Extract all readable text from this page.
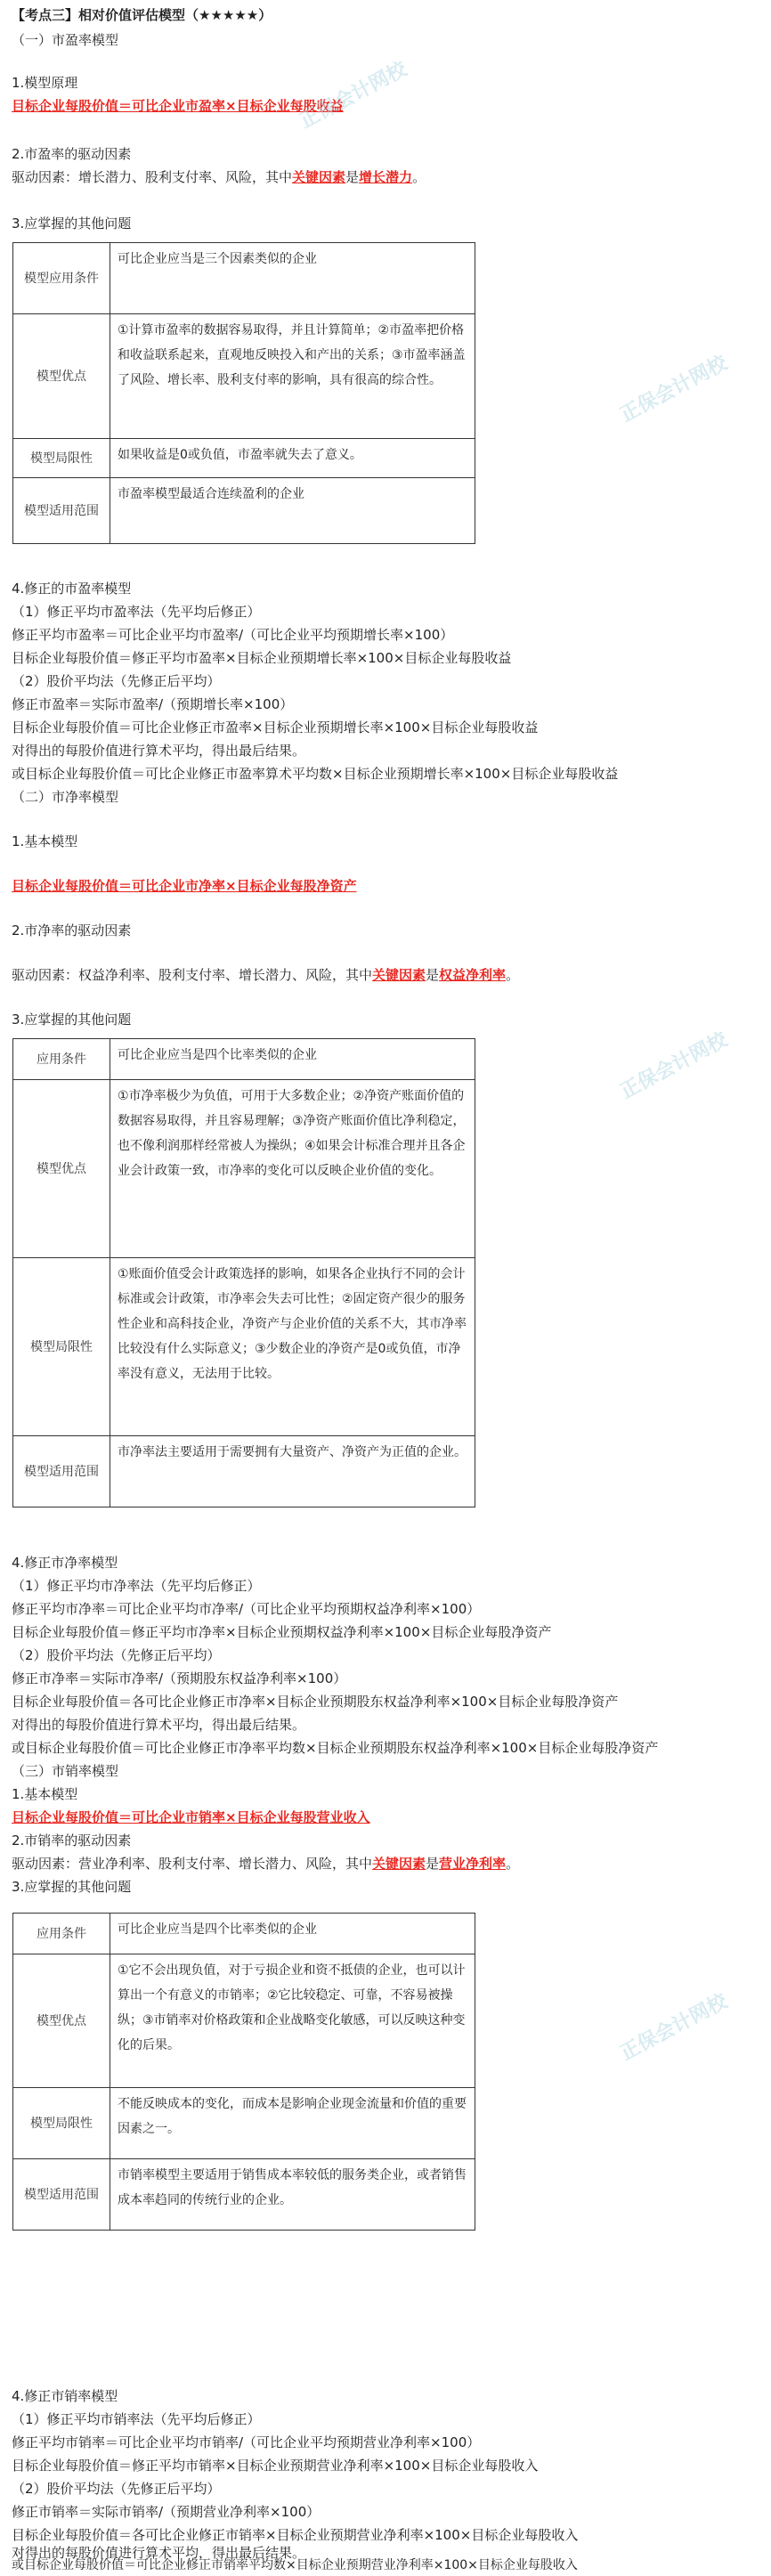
【考点三】相对价值评估模型（★★★★★）
（一）市盈率模型
1.模型原理
目标企业每股价值＝可比企业市盈率×目标企业每股收益
2.市盈率的驱动因素
驱动因素：增长潜力、股利支付率、风险，其中关键因素是增长潜力。
3.应掌握的其他问题
模型应用条件	可比企业应当是三个因素类似的企业
模型优点	①计算市盈率的数据容易取得，并且计算简单；②市盈率把价格和收益联系起来，直观地反映投入和产出的关系；③市盈率涵盖了风险、增长率、股利支付率的影响，具有很高的综合性。
模型局限性	如果收益是0或负值，市盈率就失去了意义。
模型适用范围	市盈率模型最适合连续盈利的企业
4.修正的市盈率模型
（1）修正平均市盈率法（先平均后修正）
修正平均市盈率＝可比企业平均市盈率/（可比企业平均预期增长率×100）
目标企业每股价值＝修正平均市盈率×目标企业预期增长率×100×目标企业每股收益
（2）股价平均法（先修正后平均）
修正市盈率＝实际市盈率/（预期增长率×100）
目标企业每股价值＝可比企业修正市盈率×目标企业预期增长率×100×目标企业每股收益
对得出的每股价值进行算术平均，得出最后结果。
或目标企业每股价值＝可比企业修正市盈率算术平均数×目标企业预期增长率×100×目标企业每股收益
（二）市净率模型
1.基本模型
目标企业每股价值＝可比企业市净率×目标企业每股净资产
2.市净率的驱动因素
驱动因素：权益净利率、股利支付率、增长潜力、风险，其中关键因素是权益净利率。
3.应掌握的其他问题
应用条件	可比企业应当是四个比率类似的企业
模型优点	①市净率极少为负值，可用于大多数企业；②净资产账面价值的数据容易取得，并且容易理解；③净资产账面价值比净利稳定，也不像利润那样经常被人为操纵；④如果会计标准合理并且各企业会计政策一致，市净率的变化可以反映企业价值的变化。
模型局限性	①账面价值受会计政策选择的影响，如果各企业执行不同的会计标准或会计政策，市净率会失去可比性；②固定资产很少的服务性企业和高科技企业，净资产与企业价值的关系不大，其市净率比较没有什么实际意义；③少数企业的净资产是0或负值，市净率没有意义，无法用于比较。
模型适用范围	市净率法主要适用于需要拥有大量资产、净资产为正值的企业。
4.修正市净率模型
（1）修正平均市净率法（先平均后修正）
修正平均市净率＝可比企业平均市净率/（可比企业平均预期权益净利率×100）
目标企业每股价值＝修正平均市净率×目标企业预期权益净利率×100×目标企业每股净资产
（2）股价平均法（先修正后平均）
修正市净率＝实际市净率/（预期股东权益净利率×100）
目标企业每股价值＝各可比企业修正市净率×目标企业预期股东权益净利率×100×目标企业每股净资产
对得出的每股价值进行算术平均，得出最后结果。
或目标企业每股价值＝可比企业修正市净率平均数×目标企业预期股东权益净利率×100×目标企业每股净资产
（三）市销率模型
1.基本模型
目标企业每股价值＝可比企业市销率×目标企业每股营业收入
2.市销率的驱动因素
驱动因素：营业净利率、股利支付率、增长潜力、风险，其中关键因素是营业净利率。
3.应掌握的其他问题
应用条件	可比企业应当是四个比率类似的企业
模型优点	①它不会出现负值，对于亏损企业和资不抵债的企业，也可以计算出一个有意义的市销率；②它比较稳定、可靠，不容易被操纵；③市销率对价格政策和企业战略变化敏感，可以反映这种变化的后果。
模型局限性	不能反映成本的变化，而成本是影响企业现金流量和价值的重要因素之一。
模型适用范围	市销率模型主要适用于销售成本率较低的服务类企业，或者销售成本率趋同的传统行业的企业。
4.修正市销率模型
（1）修正平均市销率法（先平均后修正）
修正平均市销率＝可比企业平均市销率/（可比企业平均预期营业净利率×100）
目标企业每股价值＝修正平均市销率×目标企业预期营业净利率×100×目标企业每股收入
（2）股价平均法（先修正后平均）
修正市销率＝实际市销率/（预期营业净利率×100）
目标企业每股价值＝各可比企业修正市销率×目标企业预期营业净利率×100×目标企业每股收入
对得出的每股价值进行算术平均，得出最后结果。
或目标企业每股价值＝可比企业修正市销率平均数×目标企业预期营业净利率×100×目标企业每股收入
正保会计网校
正保会计网校
正保会计网校
正保会计网校
